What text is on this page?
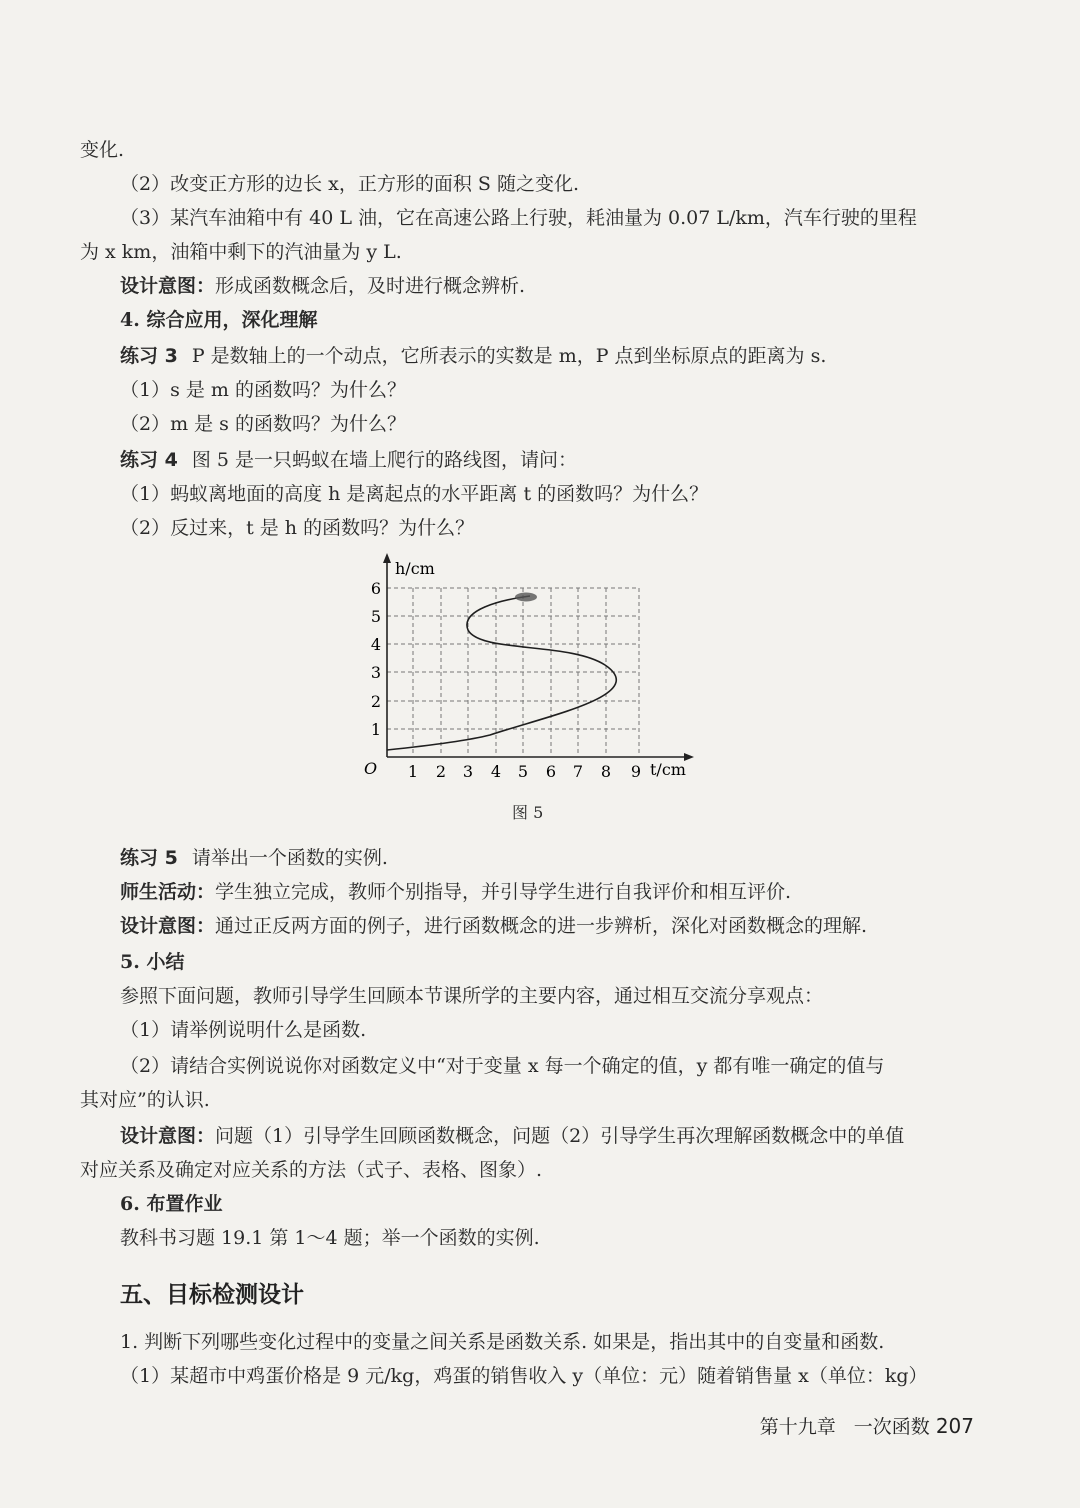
变化.
（2）改变正方形的边长 x，正方形的面积 S 随之变化.
（3）某汽车油箱中有 40 L 油，它在高速公路上行驶，耗油量为 0.07 L/km，汽车行驶的里程
为 x km，油箱中剩下的汽油量为 y L.
设计意图：形成函数概念后，及时进行概念辨析.
4. 综合应用，深化理解
练习 3 P 是数轴上的一个动点，它所表示的实数是 m，P 点到坐标原点的距离为 s.
（1）s 是 m 的函数吗？为什么？
（2）m 是 s 的函数吗？为什么？
练习 4 图 5 是一只蚂蚁在墙上爬行的路线图，请问：
（1）蚂蚁离地面的高度 h 是离起点的水平距离 t 的函数吗？为什么？
（2）反过来，t 是 h 的函数吗？为什么？
O
h/cm
t/cm
1 2 3 4 5 6 7 8 9
1
2
3
4
5
6
图 5
练习 5 请举出一个函数的实例.
师生活动：学生独立完成，教师个别指导，并引导学生进行自我评价和相互评价.
设计意图：通过正反两方面的例子，进行函数概念的进一步辨析，深化对函数概念的理解.
5. 小结
参照下面问题，教师引导学生回顾本节课所学的主要内容，通过相互交流分享观点：
（1）请举例说明什么是函数.
（2）请结合实例说说你对函数定义中“对于变量 x 每一个确定的值，y 都有唯一确定的值与
其对应”的认识.
设计意图：问题（1）引导学生回顾函数概念，问题（2）引导学生再次理解函数概念中的单值
对应关系及确定对应关系的方法（式子、表格、图象）.
6. 布置作业
教科书习题 19.1 第 1～4 题；举一个函数的实例.
五、目标检测设计
1. 判断下列哪些变化过程中的变量之间关系是函数关系. 如果是，指出其中的自变量和函数.
（1）某超市中鸡蛋价格是 9 元/kg，鸡蛋的销售收入 y（单位：元）随着销售量 x（单位：kg）
第十九章 一次函数 207
